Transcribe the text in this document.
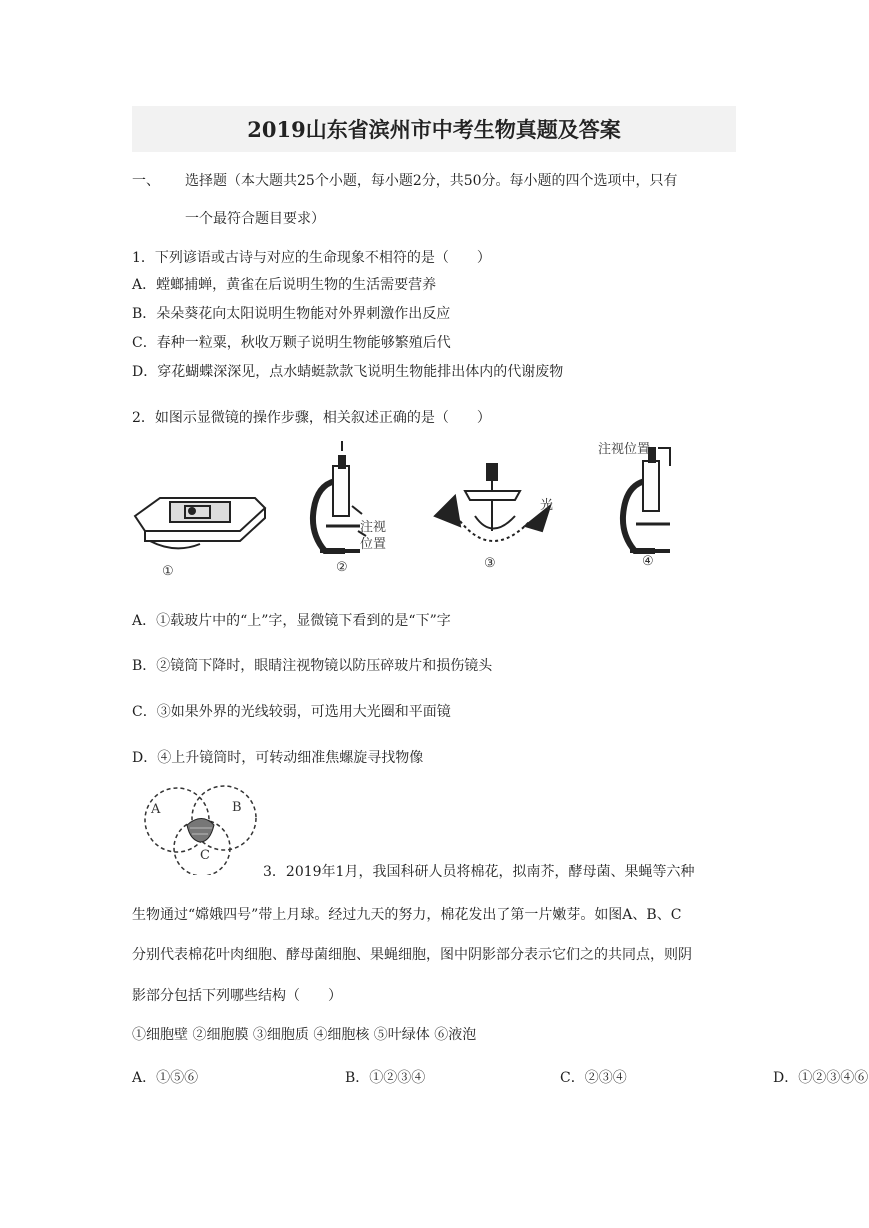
2019山东省滨州市中考生物真题及答案
一、 选择题（本大题共25个小题，每小题2分，共50分。每小题的四个选项中，只有
一个最符合题目要求）
1．下列谚语或古诗与对应的生命现象不相符的是（　　）
A．螳螂捕蝉，黄雀在后说明生物的生活需要营养
B．朵朵葵花向太阳说明生物能对外界刺激作出反应
C．春种一粒粟，秋收万颗子说明生物能够繁殖后代
D．穿花蝴蝶深深见，点水蜻蜓款款飞说明生物能排出体内的代谢废物
2．如图示显微镜的操作步骤，相关叙述正确的是（　　）
注视
位置
光
注视位置
①	②	③	④
A．①载玻片中的“上”字，显微镜下看到的是“下”字
B．②镜筒下降时，眼睛注视物镜以防压碎玻片和损伤镜头
C．③如果外界的光线较弱，可选用大光圈和平面镜
D．④上升镜筒时，可转动细准焦螺旋寻找物像
A	B
C
3．2019年1月，我国科研人员将棉花，拟南芥，酵母菌、果蝇等六种
生物通过“嫦娥四号”带上月球。经过九天的努力，棉花发出了第一片嫩芽。如图A、B、C
分别代表棉花叶肉细胞、酵母菌细胞、果蝇细胞，图中阴影部分表示它们之的共同点，则阴
影部分包括下列哪些结构（　　）
①细胞壁 ②细胞膜 ③细胞质 ④细胞核 ⑤叶绿体 ⑥液泡
A．①⑤⑥	B．①②③④	C．②③④	D．①②③④⑥
